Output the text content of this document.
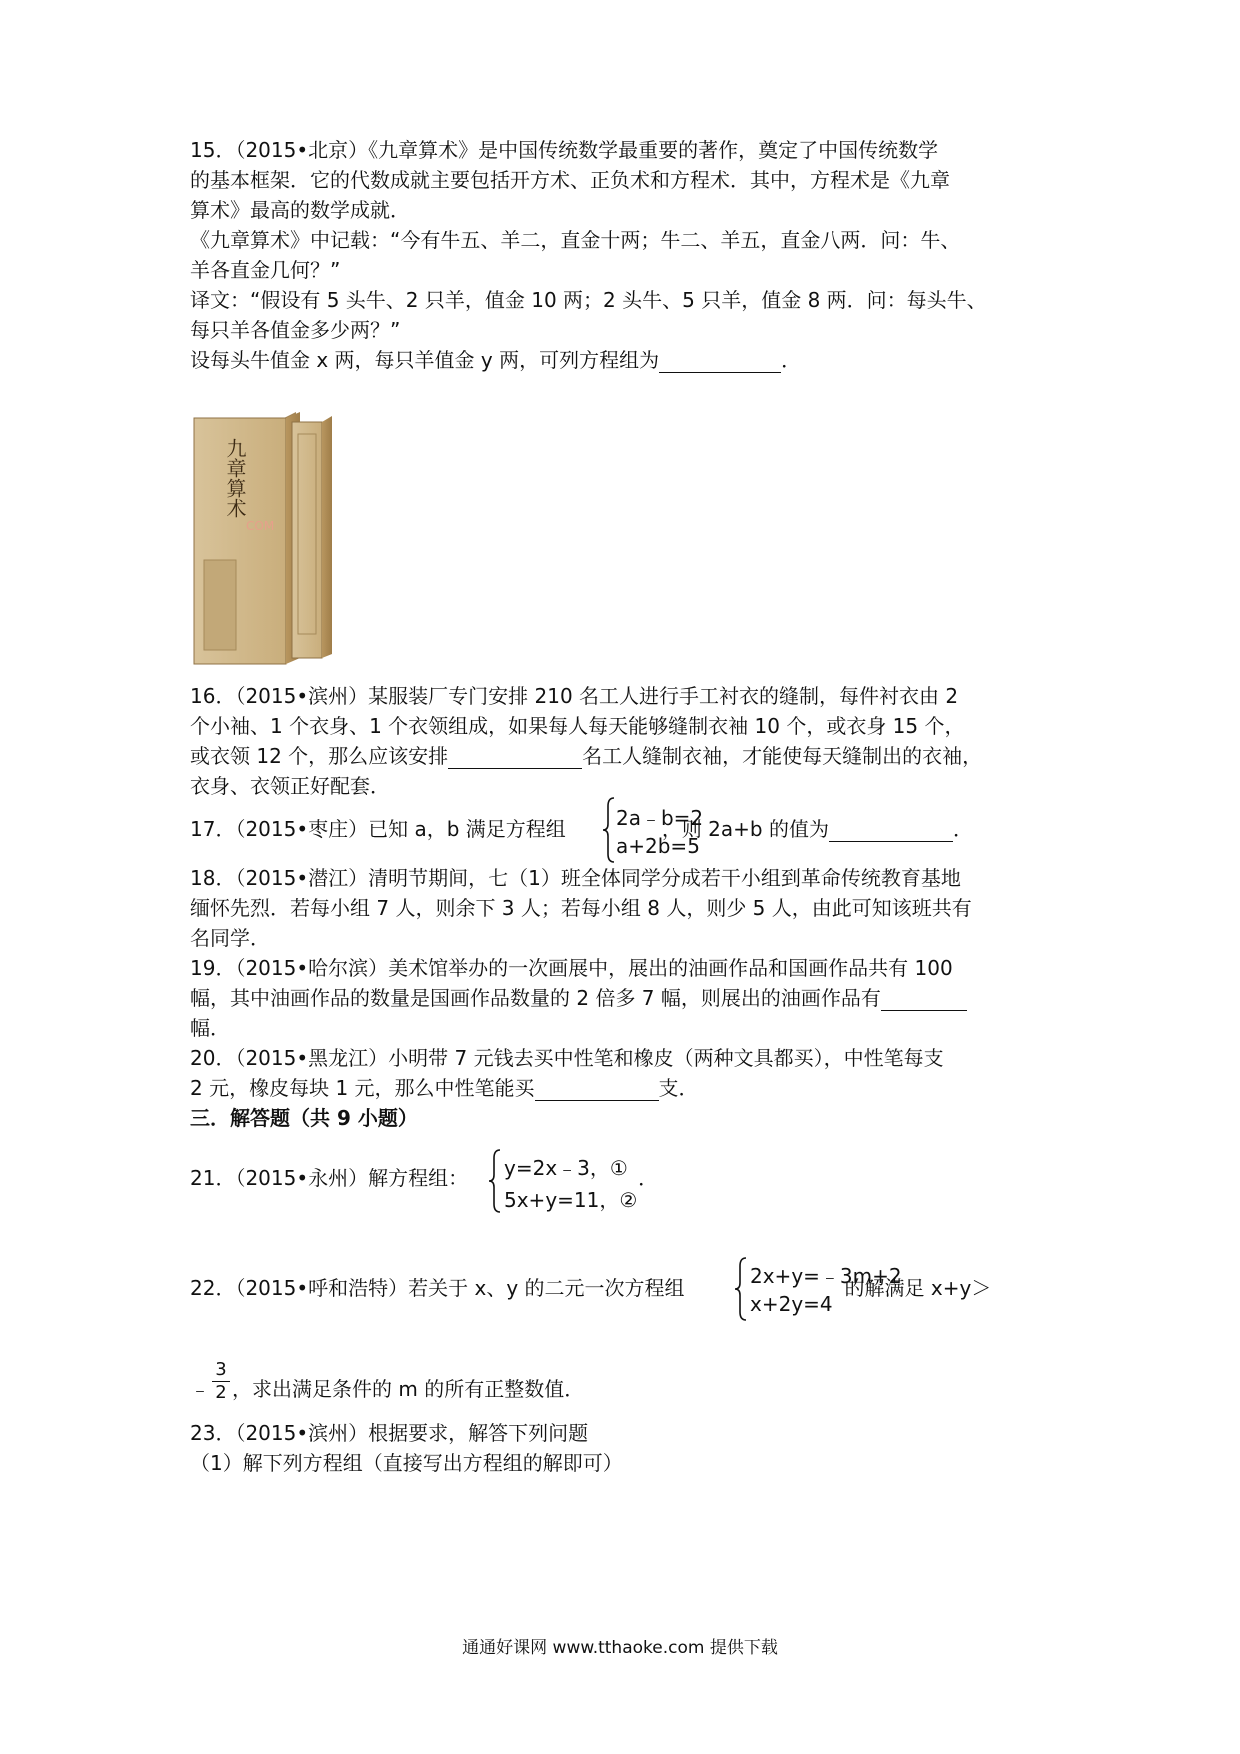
15．（2015•北京）《九章算术》是中国传统数学最重要的著作，奠定了中国传统数学
的基本框架．它的代数成就主要包括开方术、正负术和方程术．其中，方程术是《九章
算术》最高的数学成就．
《九章算术》中记载：“今有牛五、羊二，直金十两；牛二、羊五，直金八两．问：牛、
羊各直金几何？”
译文：“假设有 5 头牛、2 只羊，值金 10 两；2 头牛、5 只羊，值金 8 两．问：每头牛、
每只羊各值金多少两？”
设每头牛值金 x 两，每只羊值金 y 两，可列方程组为	．
COM
九章算术
16．（2015•滨州）某服装厂专门安排 210 名工人进行手工衬衣的缝制，每件衬衣由 2
个小袖、1 个衣身、1 个衣领组成，如果每人每天能够缝制衣袖 10 个，或衣身 15 个，
或衣领 12 个，那么应该安排	名工人缝制衣袖，才能使每天缝制出的衣袖，
衣身、衣领正好配套．
17．（2015•枣庄）已知 a，b 满足方程组	，则 2a+b 的值为	．
2a﹣b=2
a+2b=5
18．（2015•潜江）清明节期间，七（1）班全体同学分成若干小组到革命传统教育基地
缅怀先烈．若每小组 7 人，则余下 3 人；若每小组 8 人，则少 5 人，由此可知该班共有
名同学．
19．（2015•哈尔滨）美术馆举办的一次画展中，展出的油画作品和国画作品共有 100
幅，其中油画作品的数量是国画作品数量的 2 倍多 7 幅，则展出的油画作品有
幅．
20．（2015•黑龙江）小明带 7 元钱去买中性笔和橡皮（两种文具都买），中性笔每支
2 元，橡皮每块 1 元，那么中性笔能买	支．
三．解答题（共 9 小题）
21．（2015•永州）解方程组：	．
y=2x﹣3，①
5x+y=11，②
22．（2015•呼和浩特）若关于 x、y 的二元一次方程组	的解满足 x+y＞
2x+y=﹣3m+2
x+2y=4
﹣ ，求出满足条件的 m 的所有正整数值．
3
2
23．（2015•滨州）根据要求，解答下列问题
（1）解下列方程组（直接写出方程组的解即可）
通通好课网 www.tthaoke.com 提供下载
